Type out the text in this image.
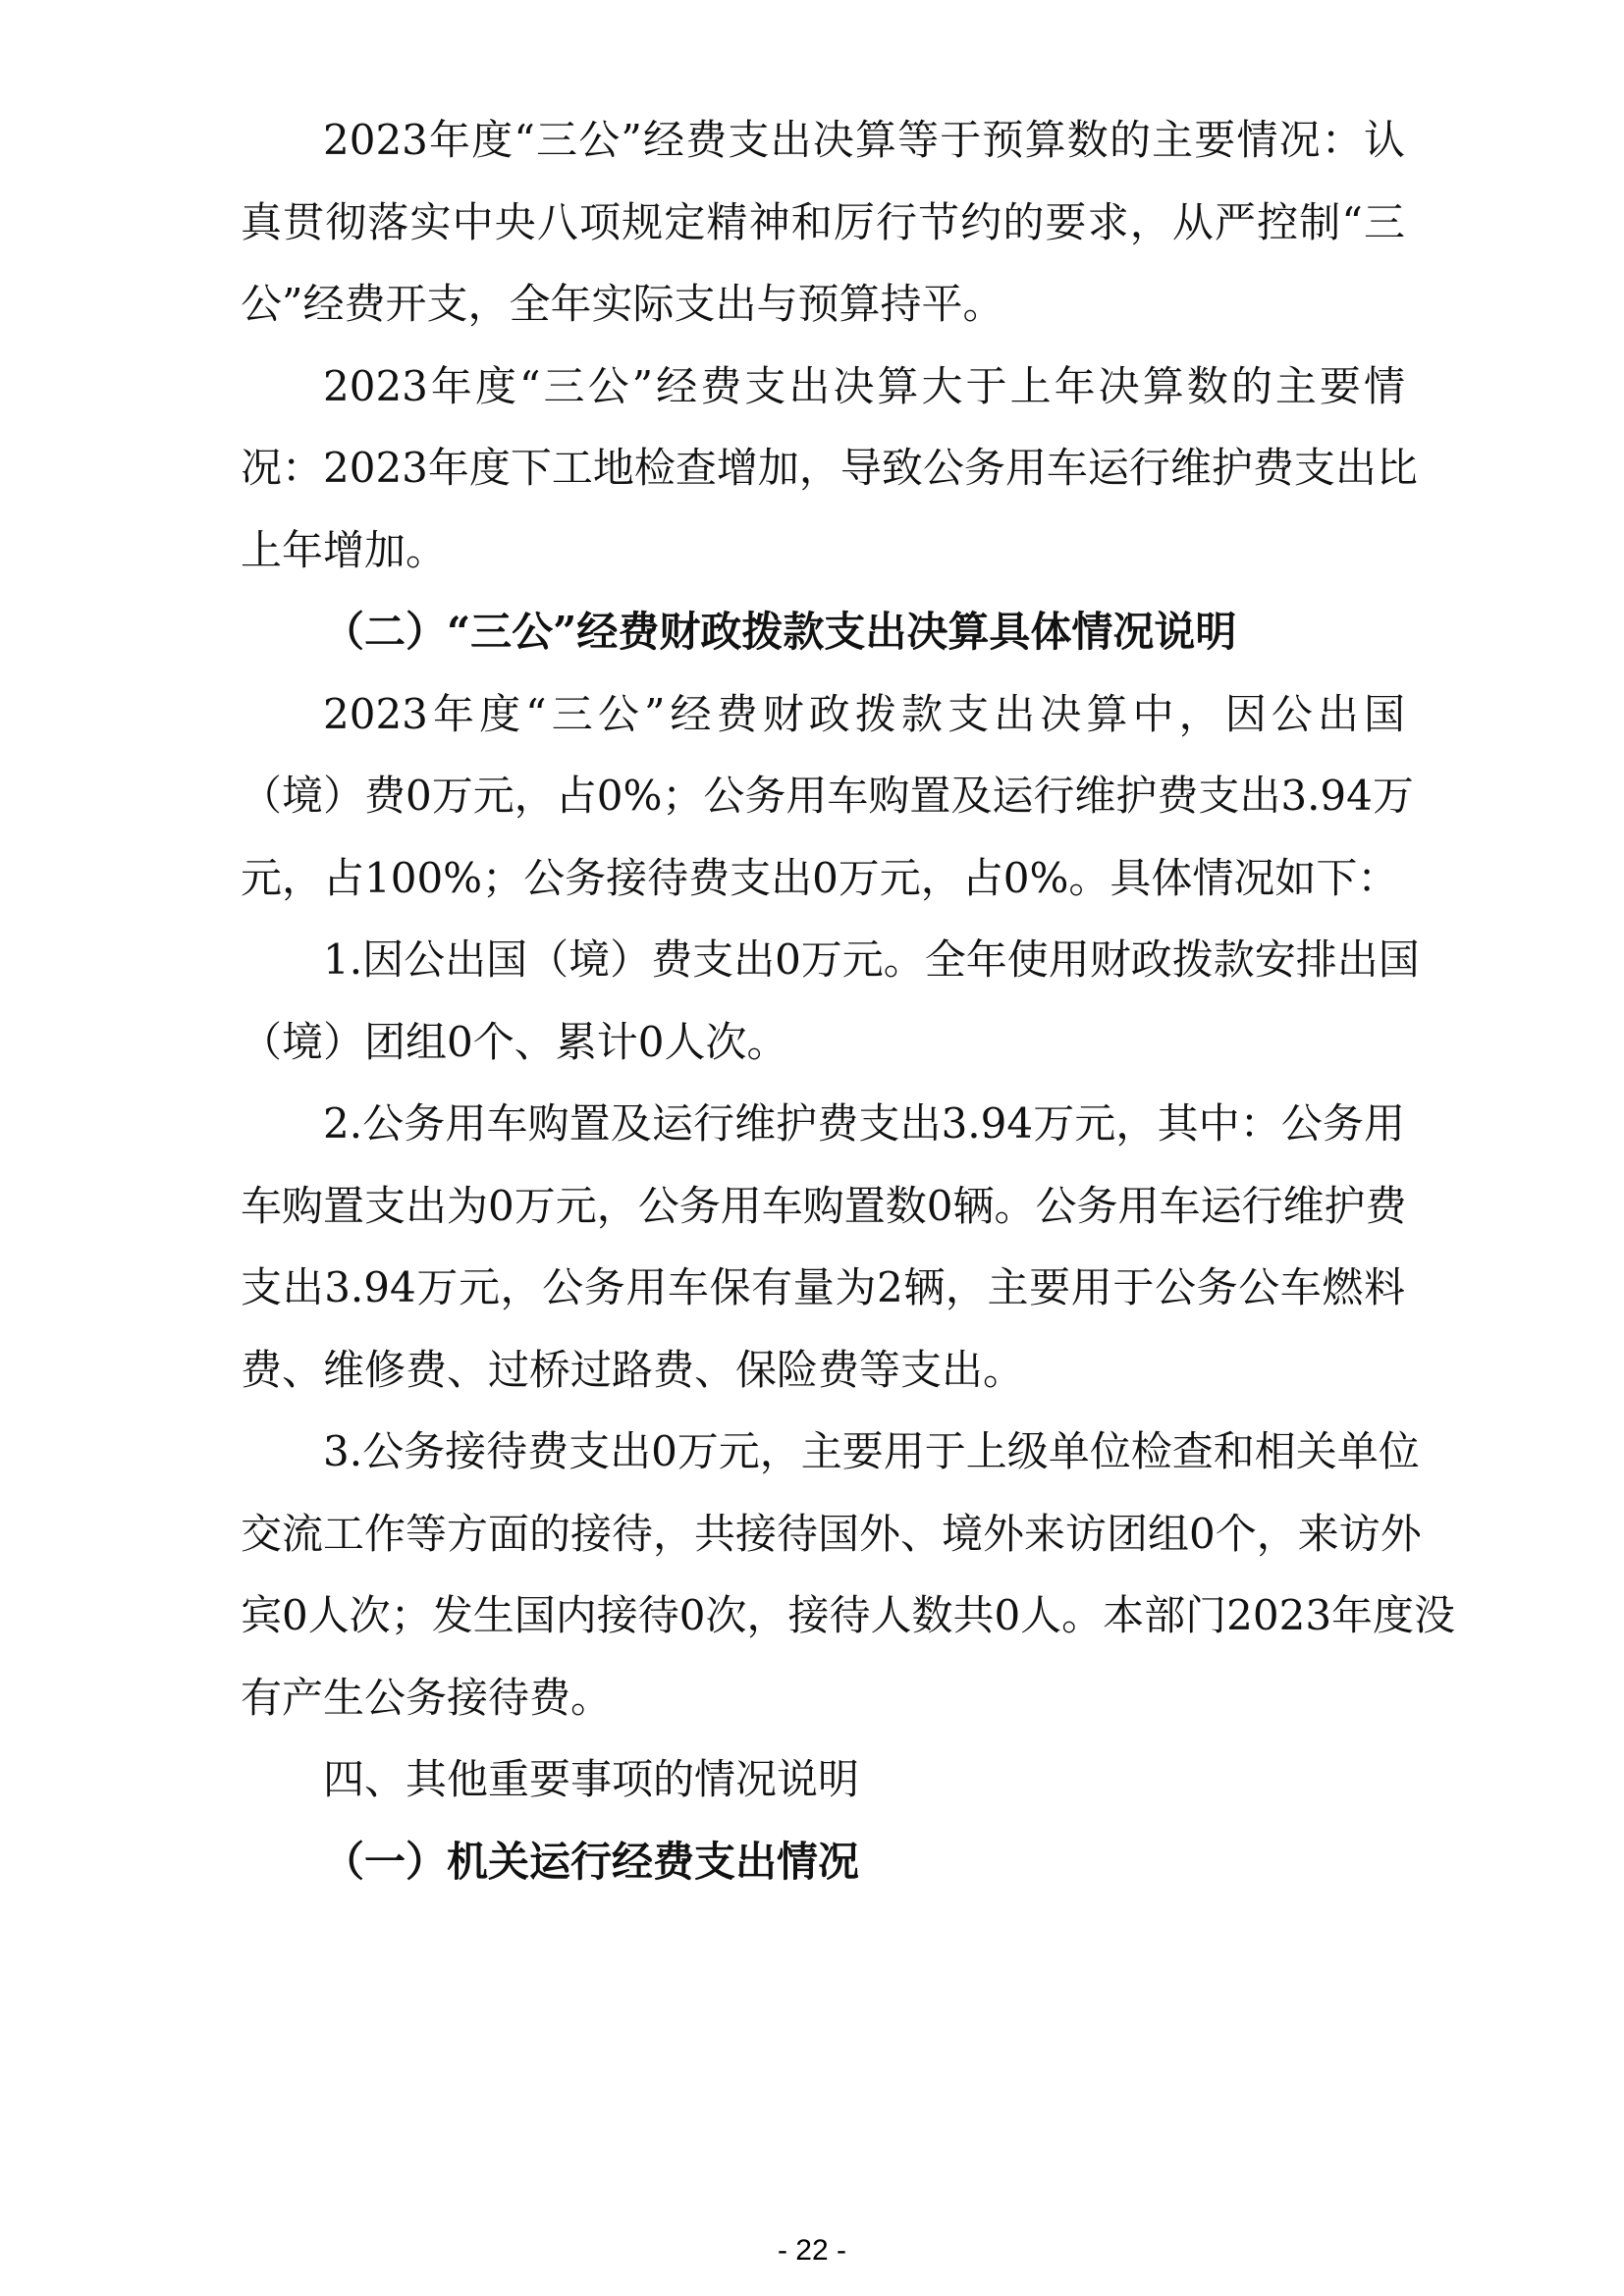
2023年度“三公”经费支出决算等于预算数的主要情况：认
真贯彻落实中央八项规定精神和厉行节约的要求，从严控制“三
公”经费开支，全年实际支出与预算持平。
2023年度“三公”经费支出决算大于上年决算数的主要情
况：2023年度下工地检查增加，导致公务用车运行维护费支出比
上年增加。
（二）“三公”经费财政拨款支出决算具体情况说明
2023年度“三公”经费财政拨款支出决算中，因公出国
（境）费0万元，占0%；公务用车购置及运行维护费支出3.94万
元，占100%；公务接待费支出0万元，占0%。具体情况如下：
1.因公出国（境）费支出0万元。全年使用财政拨款安排出国
（境）团组0个、累计0人次。
2.公务用车购置及运行维护费支出3.94万元，其中：公务用
车购置支出为0万元，公务用车购置数0辆。公务用车运行维护费
支出3.94万元，公务用车保有量为2辆，主要用于公务公车燃料
费、维修费、过桥过路费、保险费等支出。
3.公务接待费支出0万元，主要用于上级单位检查和相关单位
交流工作等方面的接待，共接待国外、境外来访团组0个，来访外
宾0人次；发生国内接待0次，接待人数共0人。本部门2023年度没
有产生公务接待费。
四、其他重要事项的情况说明
（一）机关运行经费支出情况
- 22 -
